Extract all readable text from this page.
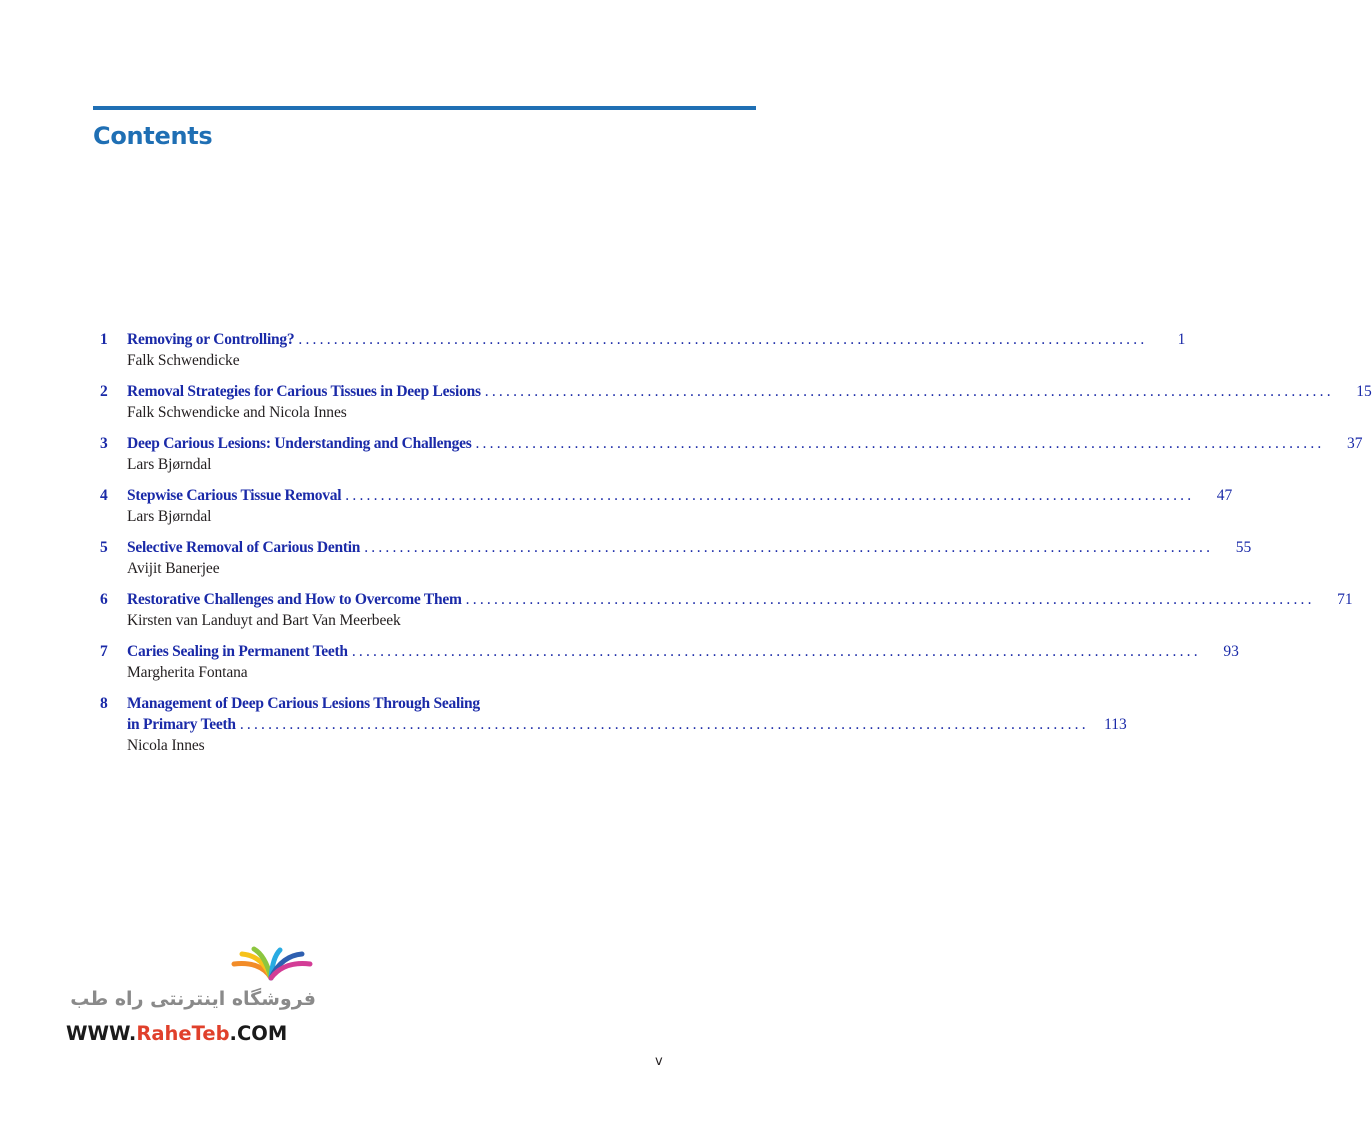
Contents
1	Removing or Controlling? ........................................................................................................................	1
Falk Schwendicke
2	Removal Strategies for Carious Tissues in Deep Lesions ........................................................................................................................	15
Falk Schwendicke and Nicola Innes
3	Deep Carious Lesions: Understanding and Challenges ........................................................................................................................	37
Lars Bjørndal
4	Stepwise Carious Tissue Removal ........................................................................................................................	47
Lars Bjørndal
5	Selective Removal of Carious Dentin ........................................................................................................................	55
Avijit Banerjee
6	Restorative Challenges and How to Overcome Them ........................................................................................................................	71
Kirsten van Landuyt and Bart Van Meerbeek
7	Caries Sealing in Permanent Teeth ........................................................................................................................	93
Margherita Fontana
8	Management of Deep Carious Lesions Through Sealing
in Primary Teeth ........................................................................................................................ 113
Nicola Innes
فروشگاه اینترنتی راه طب
WWW.RaheTeb.COM
v
